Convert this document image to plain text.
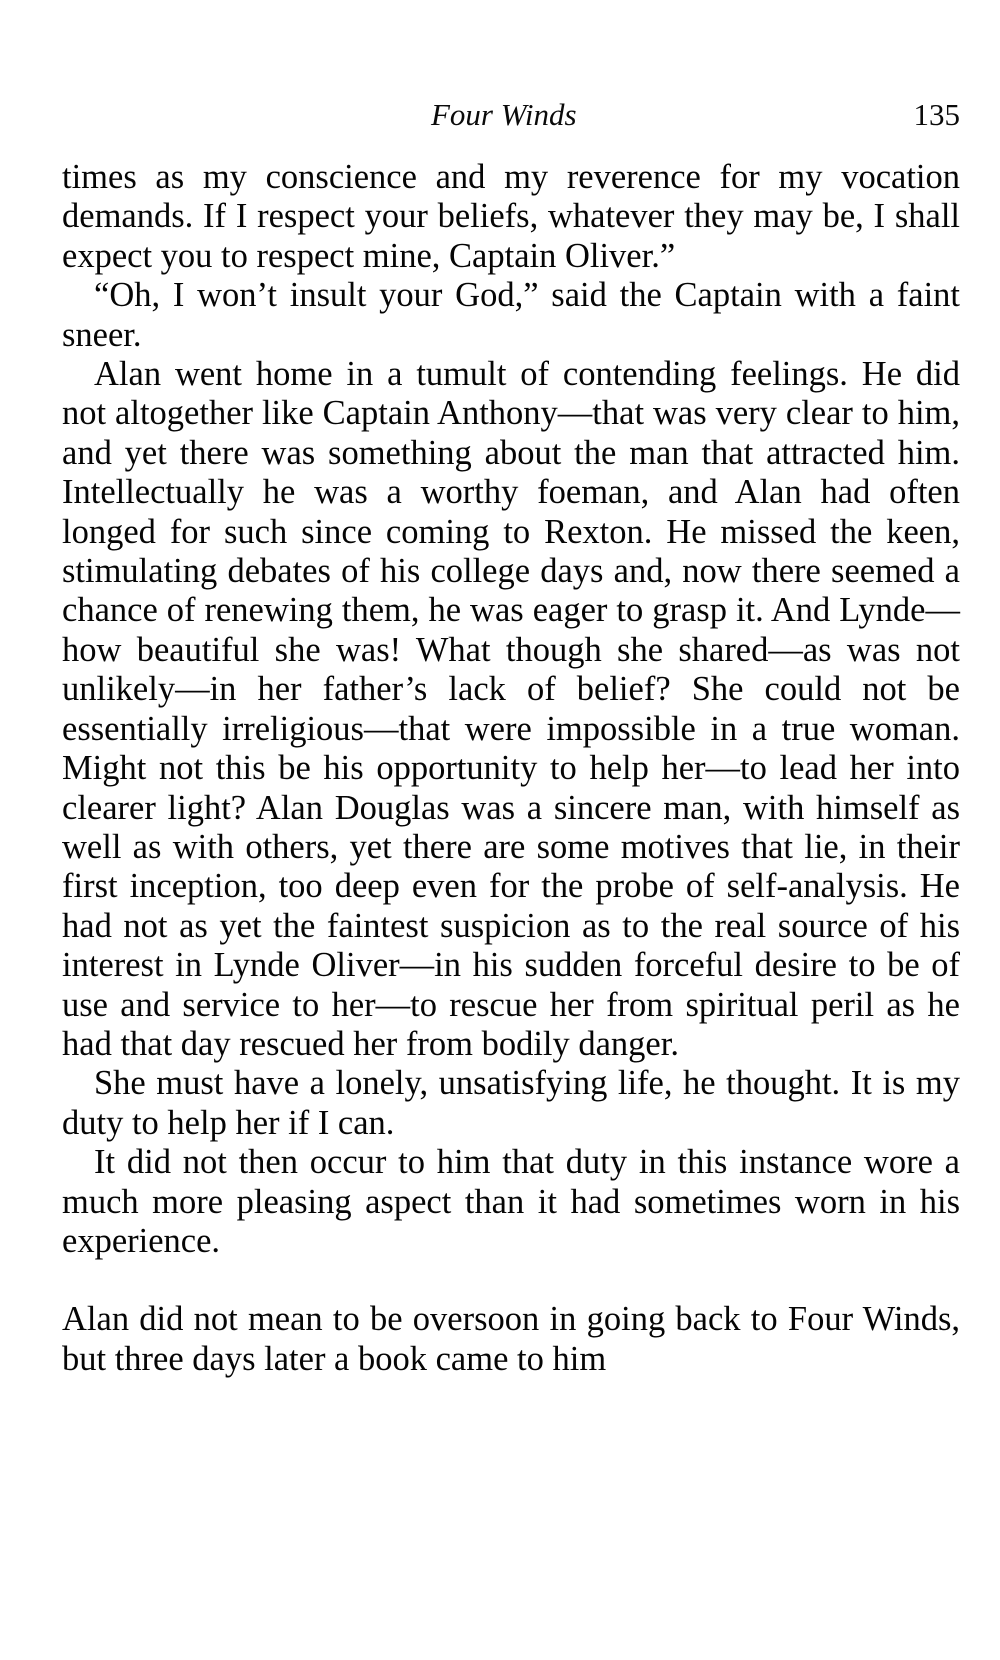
Four Winds	135

times as my conscience and my reverence for my vocation demands. If I respect your beliefs, whatever they may be, I shall expect you to respect mine, Captain Oliver.”

“Oh, I won’t insult your God,” said the Captain with a faint sneer.

Alan went home in a tumult of contending feelings. He did not altogether like Captain Anthony—that was very clear to him, and yet there was something about the man that attracted him. Intellectually he was a worthy foeman, and Alan had often longed for such since coming to Rexton. He missed the keen, stimulating debates of his college days and, now there seemed a chance of renewing them, he was eager to grasp it. And Lynde—how beautiful she was! What though she shared—as was not unlikely—in her father’s lack of belief? She could not be essentially irreligious—that were impossible in a true woman. Might not this be his opportunity to help her—to lead her into clearer light? Alan Douglas was a sincere man, with himself as well as with others, yet there are some motives that lie, in their first inception, too deep even for the probe of self-analysis. He had not as yet the faintest suspicion as to the real source of his interest in Lynde Oliver—in his sudden forceful desire to be of use and service to her—to rescue her from spiritual peril as he had that day rescued her from bodily danger.

She must have a lonely, unsatisfying life, he thought. It is my duty to help her if I can.

It did not then occur to him that duty in this instance wore a much more pleasing aspect than it had sometimes worn in his experience.

Alan did not mean to be oversoon in going back to Four Winds, but three days later a book came to him
